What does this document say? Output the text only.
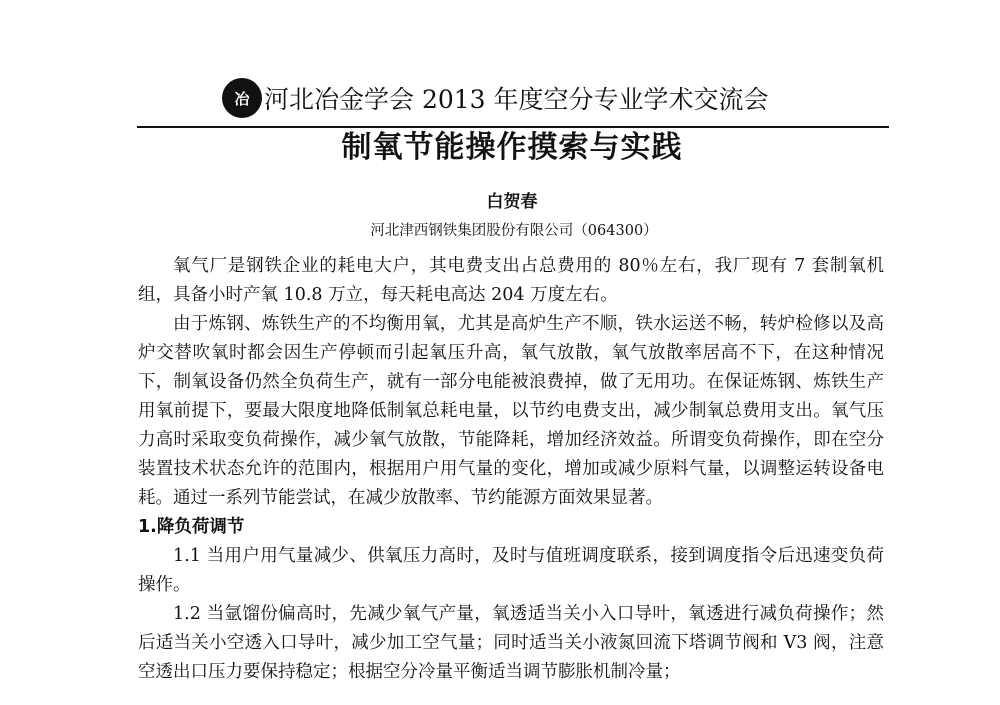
冶 河北冶金学会 2013 年度空分专业学术交流会
制氧节能操作摸索与实践
白贺春
河北津西钢铁集团股份有限公司（064300）

氧气厂是钢铁企业的耗电大户，其电费支出占总费用的 80％左右，我厂现有 7 套制氧机组，具备小时产氧 10.8 万立，每天耗电高达 204 万度左右。

由于炼钢、炼铁生产的不均衡用氧，尤其是高炉生产不顺，铁水运送不畅，转炉检修以及高炉交替吹氧时都会因生产停顿而引起氧压升高，氧气放散，氧气放散率居高不下，在这种情况下，制氧设备仍然全负荷生产，就有一部分电能被浪费掉，做了无用功。在保证炼钢、炼铁生产用氧前提下，要最大限度地降低制氧总耗电量，以节约电费支出，减少制氧总费用支出。氧气压力高时采取变负荷操作，减少氧气放散，节能降耗，增加经济效益。所谓变负荷操作，即在空分装置技术状态允许的范围内，根据用户用气量的变化，增加或减少原料气量，以调整运转设备电耗。通过一系列节能尝试，在减少放散率、节约能源方面效果显著。

1.降负荷调节

1.1 当用户用气量减少、供氧压力高时，及时与值班调度联系，接到调度指令后迅速变负荷操作。

1.2 当氩馏份偏高时，先减少氧气产量，氧透适当关小入口导叶，氧透进行减负荷操作；然后适当关小空透入口导叶，减少加工空气量；同时适当关小液氮回流下塔调节阀和 V3 阀，注意空透出口压力要保持稳定；根据空分冷量平衡适当调节膨胀机制冷量；
